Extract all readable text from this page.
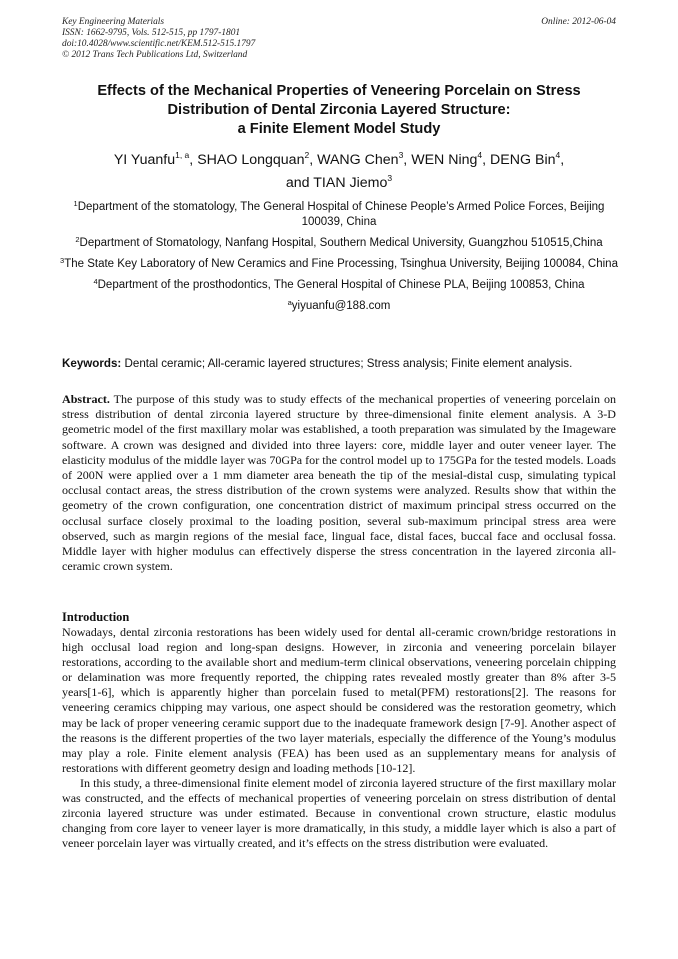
Key Engineering Materials
ISSN: 1662-9795, Vols. 512-515, pp 1797-1801
doi:10.4028/www.scientific.net/KEM.512-515.1797
© 2012 Trans Tech Publications Ltd, Switzerland
Online: 2012-06-04
Effects of the Mechanical Properties of Veneering Porcelain on Stress
Distribution of Dental Zirconia Layered Structure:
a Finite Element Model Study
YI Yuanfu$^{1, a}$, SHAO Longquan$^2$, WANG Chen$^3$, WEN Ning$^4$, DENG Bin$^4$,
and TIAN Jiemo$^3$
$^1$Department of the stomatology, The General Hospital of Chinese People’s Armed Police Forces, Beijing 100039, China
$^2$Department of Stomatology, Nanfang Hospital, Southern Medical University, Guangzhou 510515,China
$^3$The State Key Laboratory of New Ceramics and Fine Processing, Tsinghua University, Beijing 100084, China
$^4$Department of the prosthodontics, The General Hospital of Chinese PLA, Beijing 100853, China
$^a$yiyuanfu@188.com
Keywords: Dental ceramic; All-ceramic layered structures; Stress analysis; Finite element analysis.
Abstract. The purpose of this study was to study effects of the mechanical properties of veneering porcelain on stress distribution of dental zirconia layered structure by three-dimensional finite element analysis. A 3-D geometric model of the first maxillary molar was established, a tooth preparation was simulated by the Imageware software. A crown was designed and divided into three layers: core, middle layer and outer veneer layer. The elasticity modulus of the middle layer was 70GPa for the control model up to 175GPa for the tested models. Loads of 200N were applied over a 1 mm diameter area beneath the tip of the mesial-distal cusp, simulating typical occlusal contact areas, the stress distribution of the crown systems were analyzed. Results show that within the geometry of the crown configuration, one concentration district of maximum principal stress occurred on the occlusal surface closely proximal to the loading position, several sub-maximum principal stress area were observed, such as margin regions of the mesial face, lingual face, distal faces, buccal face and occlusal fossa. Middle layer with higher modulus can effectively disperse the stress concentration in the layered zirconia all-ceramic crown system.
Introduction

Nowadays, dental zirconia restorations has been widely used for dental all-ceramic crown/bridge restorations in high occlusal load region and long-span designs. However, in zirconia and veneering porcelain bilayer restorations, according to the available short and medium-term clinical observations, veneering porcelain chipping or delamination was more frequently reported, the chipping rates revealed mostly greater than 8% after 3-5 years[1-6], which is apparently higher than porcelain fused to metal(PFM) restorations[2]. The reasons for veneering ceramics chipping may various, one aspect should be considered was the restoration geometry, which may be lack of proper veneering ceramic support due to the inadequate framework design [7-9]. Another aspect of the reasons is the different properties of the two layer materials, especially the difference of the Young’s modulus may play a role. Finite element analysis (FEA) has been used as an supplementary means for analysis of restorations with different geometry design and loading methods [10-12].

In this study, a three-dimensional finite element model of zirconia layered structure of the first maxillary molar was constructed, and the effects of mechanical properties of veneering porcelain on stress distribution of dental zirconia layered structure was under estimated. Because in conventional crown structure, elastic modulus changing from core layer to veneer layer is more dramatically, in this study, a middle layer which is also a part of veneer porcelain layer was virtually created, and it’s effects on the stress distribution were evaluated.
